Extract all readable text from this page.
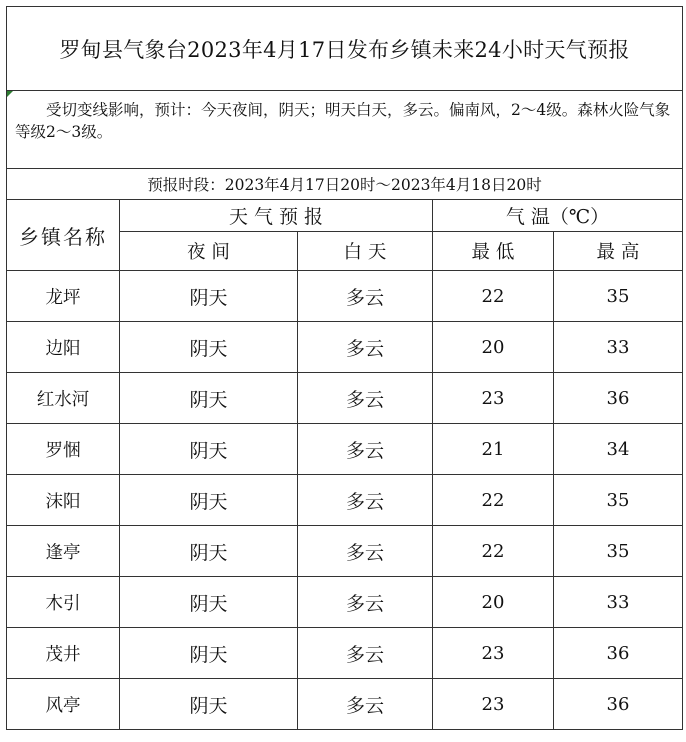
罗甸县气象台2023年4月17日发布乡镇未来24小时天气预报				

受切变线影响，预计：今天夜间，阴天；明天白天，多云。偏南风，2～4级。森林火险气象等级2～3级。				

预报时段：2023年4月17日20时～2023年4月18日20时				
乡镇名称	天 气 预 报		气 温（℃）	
	夜 间	白 天	最 低	最 高
龙坪	阴天	多云	22	35
边阳	阴天	多云	20	33
红水河	阴天	多云	23	36
罗悃	阴天	多云	21	34
沫阳	阴天	多云	22	35
逢亭	阴天	多云	22	35
木引	阴天	多云	20	33
茂井	阴天	多云	23	36
风亭	阴天	多云	23	36
